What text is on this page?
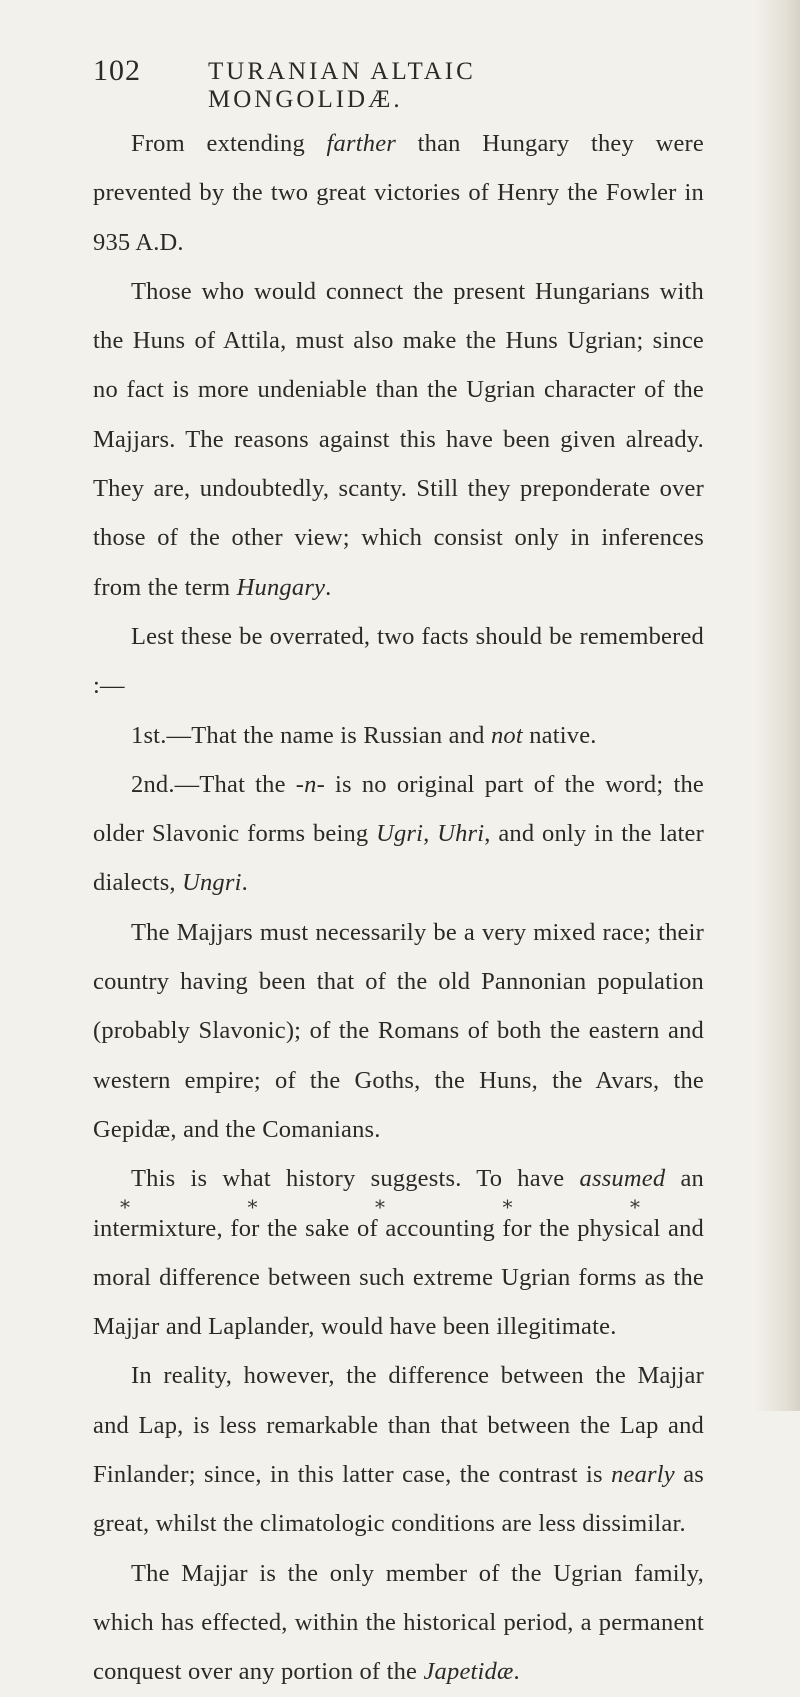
102	TURANIAN ALTAIC MONGOLIDÆ.

From extending farther than Hungary they were prevented by the two great victories of Henry the Fowler in 935 A.D.

Those who would connect the present Hungarians with the Huns of Attila, must also make the Huns Ugrian; since no fact is more undeniable than the Ugrian character of the Majjars. The reasons against this have been given already. They are, undoubtedly, scanty. Still they preponderate over those of the other view; which consist only in inferences from the term Hungary.

Lest these be overrated, two facts should be remembered :—

1st.—That the name is Russian and not native.

2nd.—That the -n- is no original part of the word; the older Slavonic forms being Ugri, Uhri, and only in the later dialects, Ungri.

The Majjars must necessarily be a very mixed race; their country having been that of the old Pannonian population (probably Slavonic); of the Romans of both the eastern and western empire; of the Goths, the Huns, the Avars, the Gepidæ, and the Comanians.

This is what history suggests. To have assumed an intermixture, for the sake of accounting for the physical and moral difference between such extreme Ugrian forms as the Majjar and Laplander, would have been illegitimate.

In reality, however, the difference between the Majjar and Lap, is less remarkable than that between the Lap and Finlander; since, in this latter case, the contrast is nearly as great, whilst the climatologic conditions are less dissimilar.

The Majjar is the only member of the Ugrian family, which has effected, within the historical period, a permanent conquest over any portion of the Japetidæ.

*	*	*	*	*
